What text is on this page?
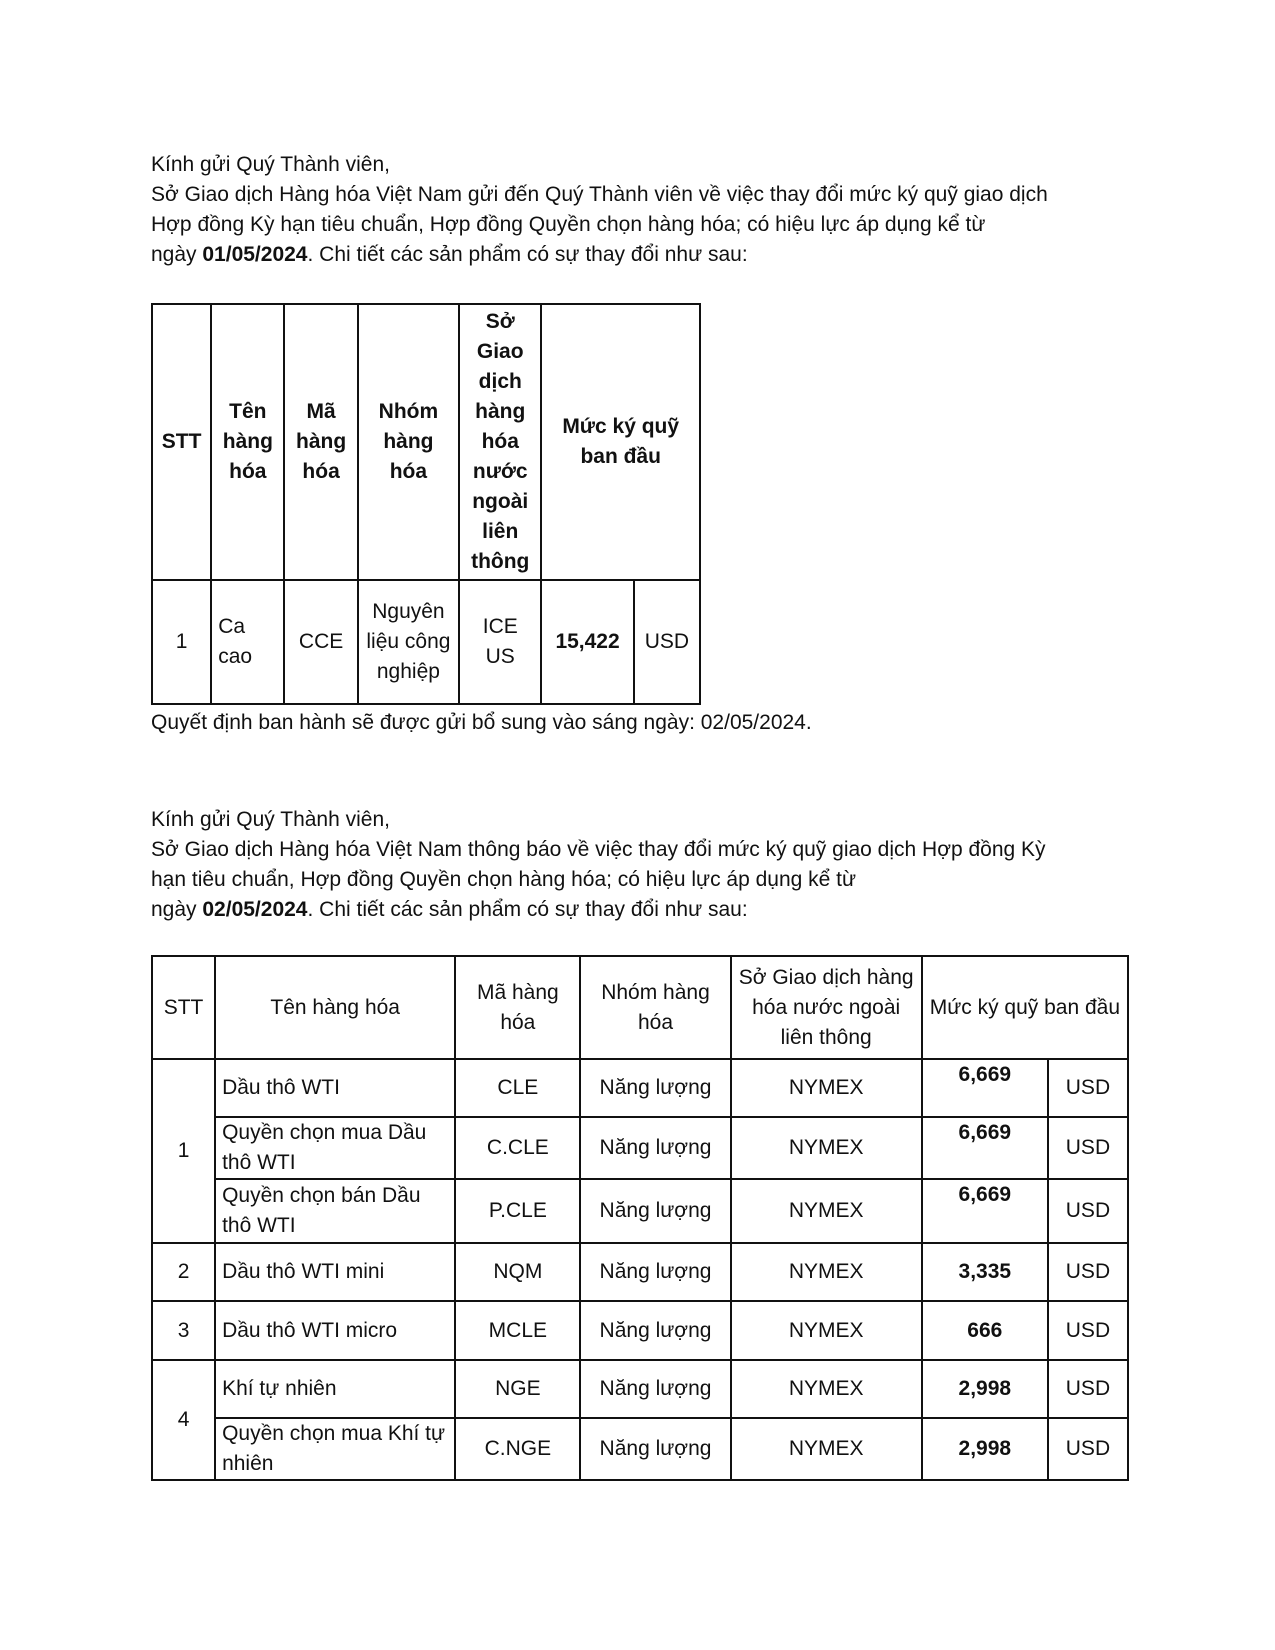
Kính gửi Quý Thành viên,
Sở Giao dịch Hàng hóa Việt Nam gửi đến Quý Thành viên về việc thay đổi mức ký quỹ giao dịch
Hợp đồng Kỳ hạn tiêu chuẩn, Hợp đồng Quyền chọn hàng hóa; có hiệu lực áp dụng kể từ
ngày 01/05/2024. Chi tiết các sản phẩm có sự thay đổi như sau:
STT	Tên hàng hóa	Mã hàng hóa	Nhóm hàng hóa	Sở Giao dịch hàng hóa nước ngoài liên thông	Mức ký quỹ ban đầu	
1	Ca cao	CCE	Nguyên liệu công nghiệp	ICE US	15,422	USD
Quyết định ban hành sẽ được gửi bổ sung vào sáng ngày: 02/05/2024.
Kính gửi Quý Thành viên,
Sở Giao dịch Hàng hóa Việt Nam thông báo về việc thay đổi mức ký quỹ giao dịch Hợp đồng Kỳ
hạn tiêu chuẩn, Hợp đồng Quyền chọn hàng hóa; có hiệu lực áp dụng kể từ
ngày 02/05/2024. Chi tiết các sản phẩm có sự thay đổi như sau:
STT	Tên hàng hóa	Mã hàng hóa	Nhóm hàng hóa	Sở Giao dịch hàng hóa nước ngoài liên thông	Mức ký quỹ ban đầu	
1	Dầu thô WTI	CLE	Năng lượng	NYMEX	6,669	USD
	Quyền chọn mua Dầu thô WTI	C.CLE	Năng lượng	NYMEX	6,669	USD
	Quyền chọn bán Dầu thô WTI	P.CLE	Năng lượng	NYMEX	6,669	USD
2	Dầu thô WTI mini	NQM	Năng lượng	NYMEX	3,335	USD
3	Dầu thô WTI micro	MCLE	Năng lượng	NYMEX	666	USD
4	Khí tự nhiên	NGE	Năng lượng	NYMEX	2,998	USD
	Quyền chọn mua Khí tự nhiên	C.NGE	Năng lượng	NYMEX	2,998	USD
